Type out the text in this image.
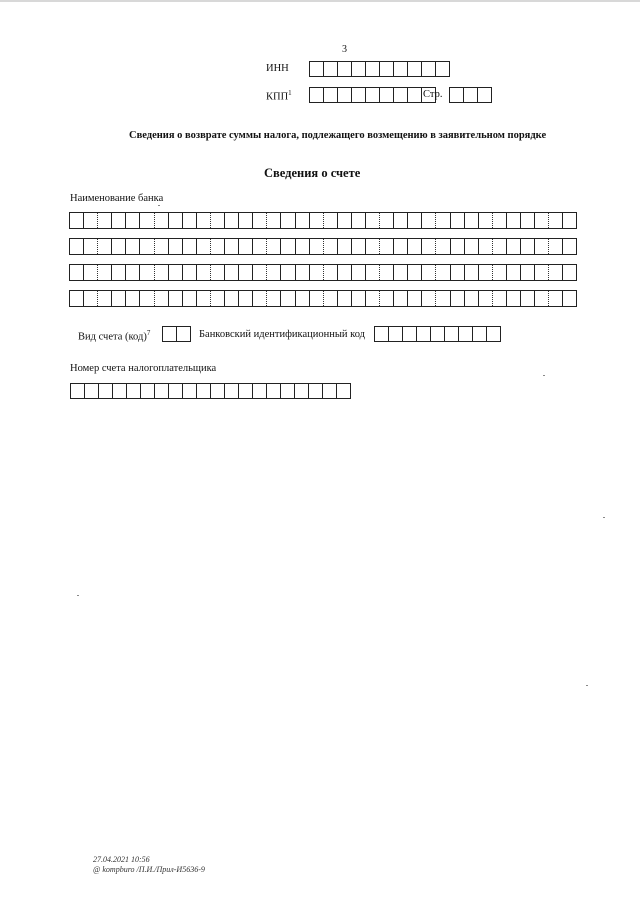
3
ИНН
КПП$^1$	Стр.
Сведения о возврате суммы налога, подлежащего возмещению в заявительном порядке
Сведения о счете
Наименование банка
Вид счета (код)$^7$	Банковский идентификационный код
Номер счета налогоплательщика
27.04.2021 10:56
@ kompburo /П.И./Прил-И5636-9
